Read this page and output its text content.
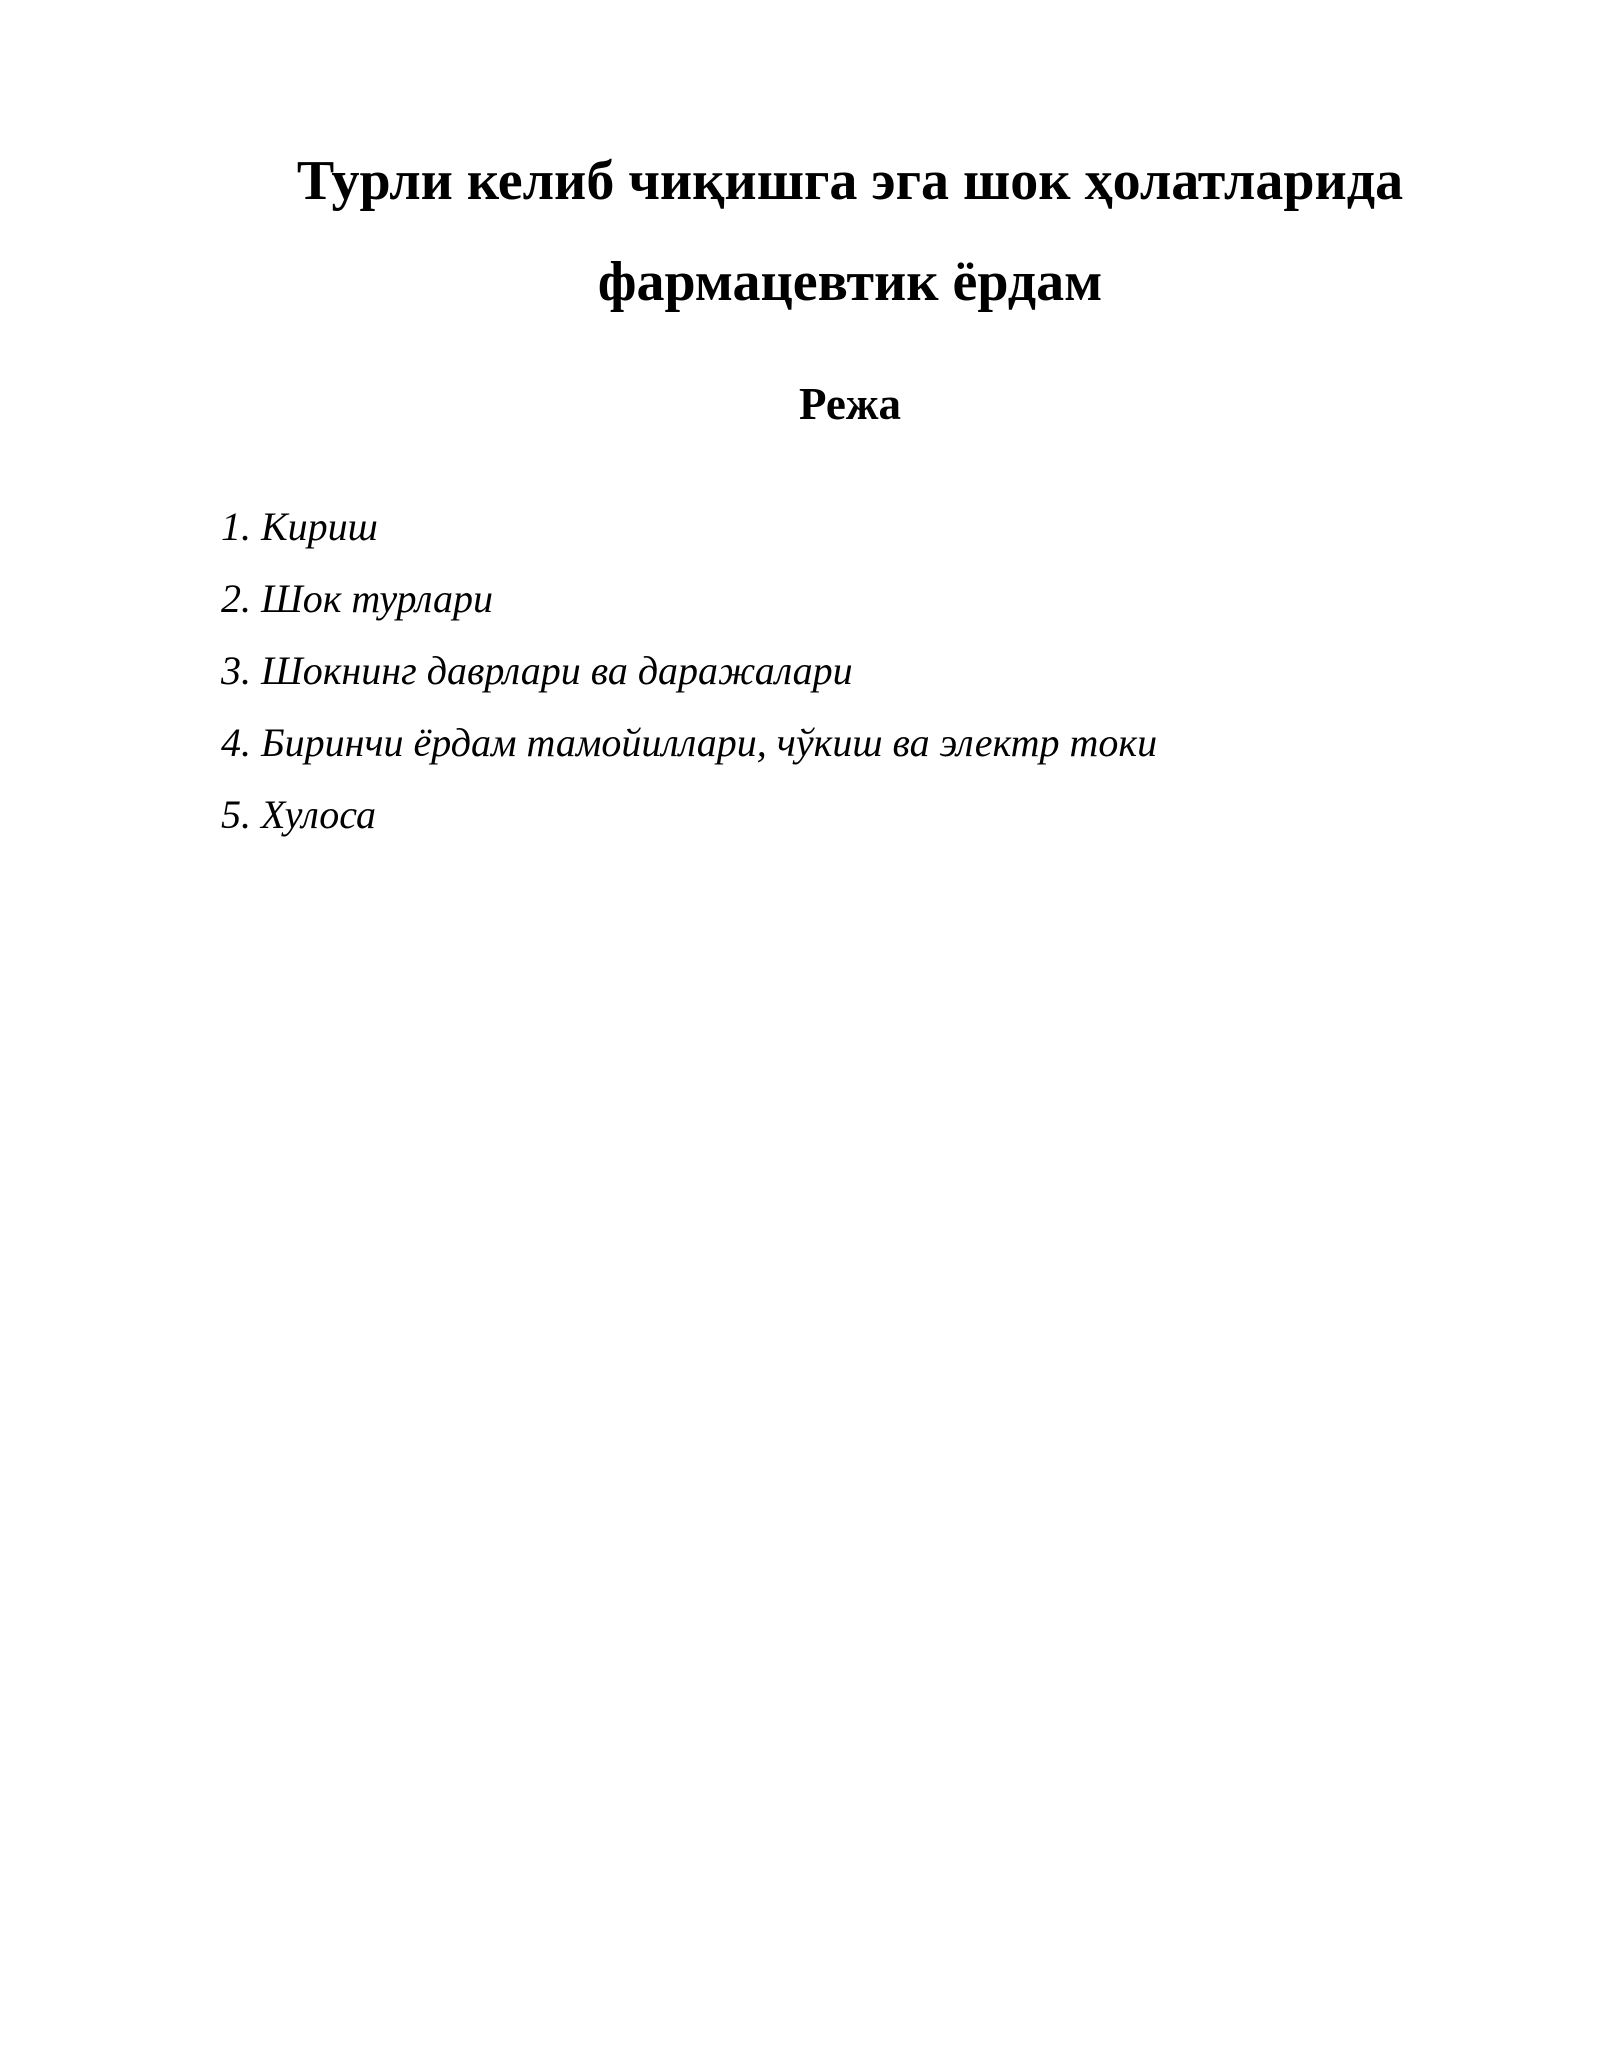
Турли келиб чиқишга эга шок ҳолатларида
фармацевтик ёрдам
Режа
1. Кириш
2. Шок турлари
3. Шокнинг даврлари ва даражалари
4. Биринчи ёрдам тамойиллари, чўкиш ва электр токи
5. Хулоса
